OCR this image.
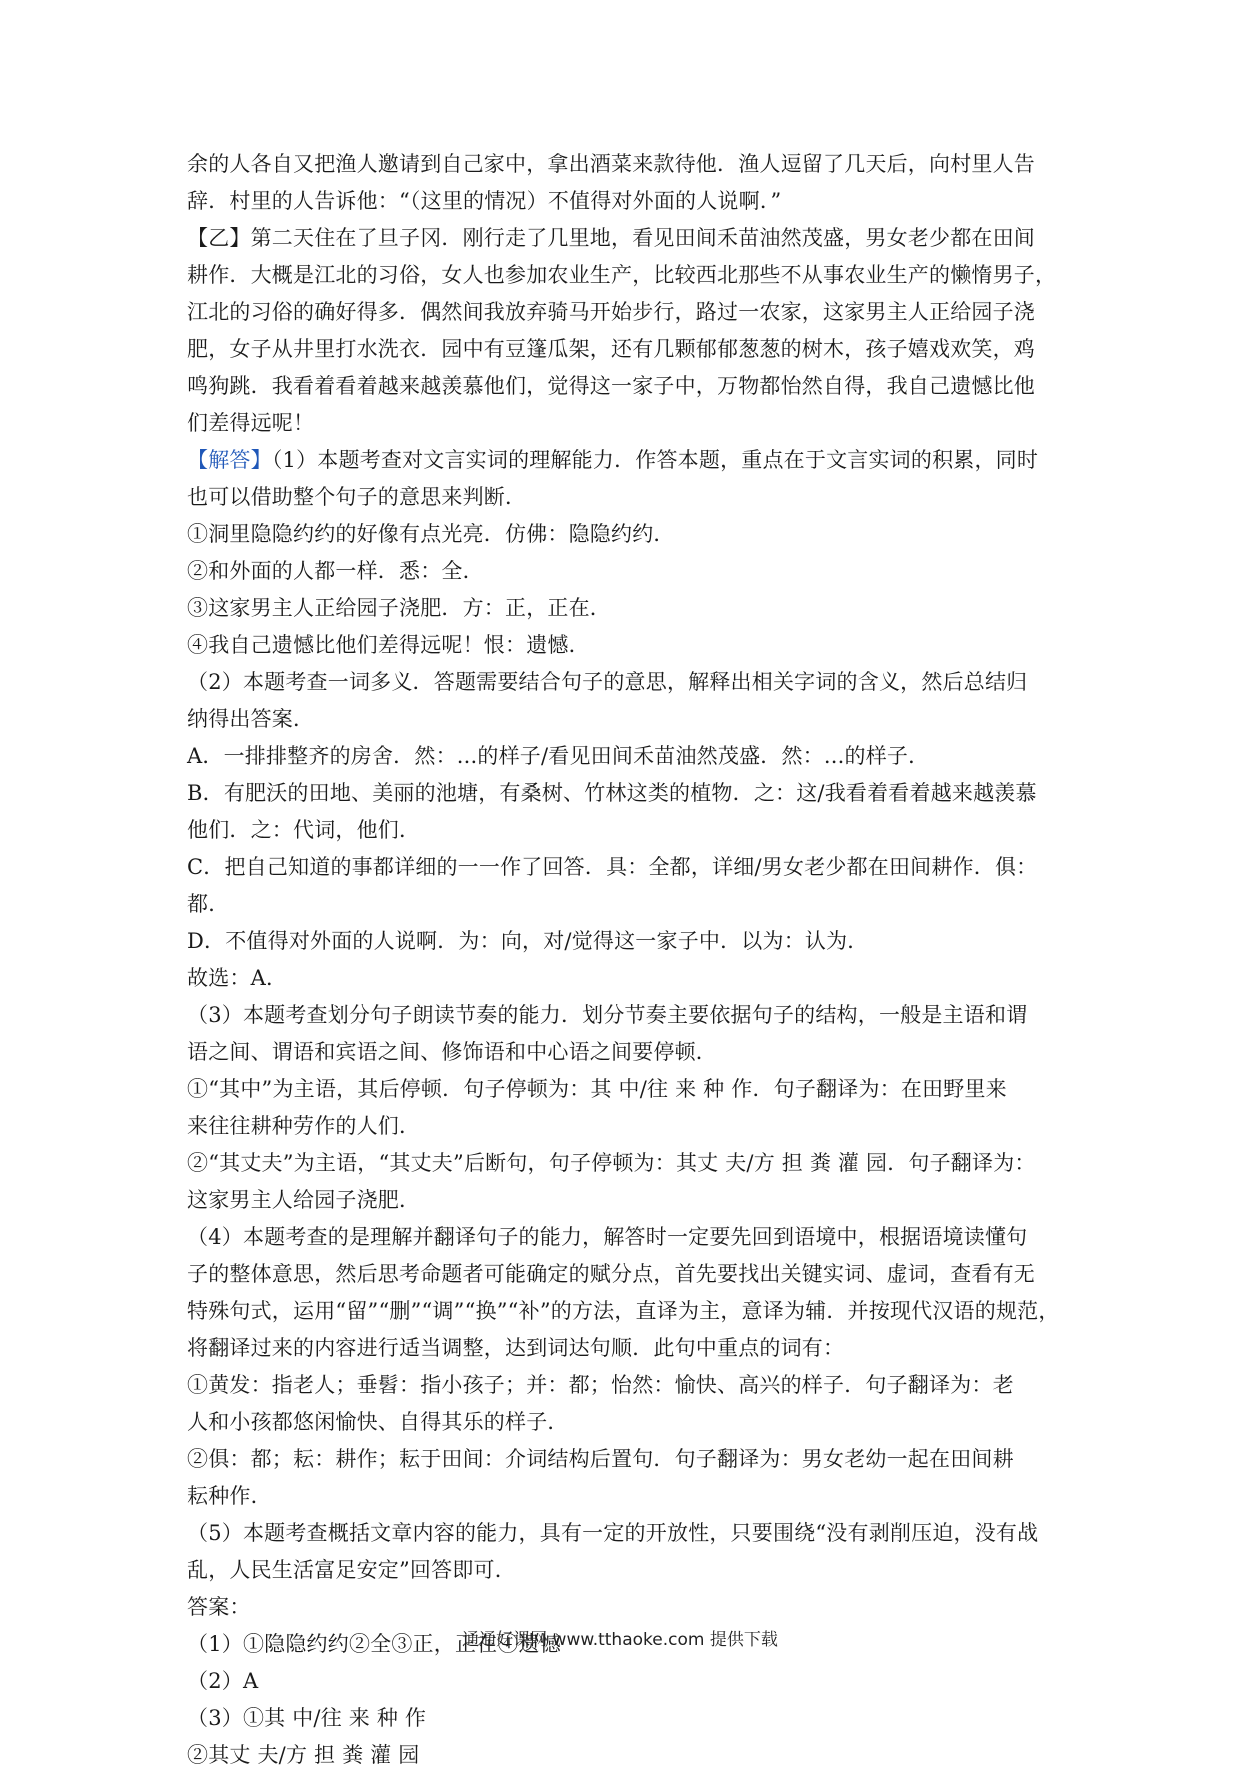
余的人各自又把渔人邀请到自己家中，拿出酒菜来款待他．渔人逗留了几天后，向村里人告
辞．村里的人告诉他：“（这里的情况）不值得对外面的人说啊．”
【乙】第二天住在了旦子冈．刚行走了几里地，看见田间禾苗油然茂盛，男女老少都在田间
耕作．大概是江北的习俗，女人也参加农业生产，比较西北那些不从事农业生产的懒惰男子，
江北的习俗的确好得多．偶然间我放弃骑马开始步行，路过一农家，这家男主人正给园子浇
肥，女子从井里打水洗衣．园中有豆篷瓜架，还有几颗郁郁葱葱的树木，孩子嬉戏欢笑，鸡
鸣狗跳．我看着看着越来越羡慕他们，觉得这一家子中，万物都怡然自得，我自己遗憾比他
们差得远呢！
【解答】（1）本题考查对文言实词的理解能力．作答本题，重点在于文言实词的积累，同时
也可以借助整个句子的意思来判断．
①洞里隐隐约约的好像有点光亮．仿佛：隐隐约约．
②和外面的人都一样．悉：全．
③这家男主人正给园子浇肥．方：正，正在．
④我自己遗憾比他们差得远呢！恨：遗憾．
（2）本题考查一词多义．答题需要结合句子的意思，解释出相关字词的含义，然后总结归
纳得出答案．
A．一排排整齐的房舍．然：...的样子/看见田间禾苗油然茂盛．然：...的样子．
B．有肥沃的田地、美丽的池塘，有桑树、竹林这类的植物．之：这/我看着看着越来越羡慕
他们．之：代词，他们．
C．把自己知道的事都详细的一一作了回答．具：全都，详细/男女老少都在田间耕作．俱：
都．
D．不值得对外面的人说啊．为：向，对/觉得这一家子中．以为：认为．
故选：A．
（3）本题考查划分句子朗读节奏的能力．划分节奏主要依据句子的结构，一般是主语和谓
语之间、谓语和宾语之间、修饰语和中心语之间要停顿．
①“其中”为主语，其后停顿．句子停顿为：其 中/往 来 种 作．句子翻译为：在田野里来
来往往耕种劳作的人们．
②“其丈夫”为主语，“其丈夫”后断句，句子停顿为：其丈 夫/方 担 粪 灌 园．句子翻译为：
这家男主人给园子浇肥．
（4）本题考查的是理解并翻译句子的能力，解答时一定要先回到语境中，根据语境读懂句
子的整体意思，然后思考命题者可能确定的赋分点，首先要找出关键实词、虚词，查看有无
特殊句式，运用“留”“删”“调”“换”“补”的方法，直译为主，意译为辅．并按现代汉语的规范，
将翻译过来的内容进行适当调整，达到词达句顺．此句中重点的词有：
①黄发：指老人；垂髫：指小孩子；并：都；怡然：愉快、高兴的样子．句子翻译为：老
人和小孩都悠闲愉快、自得其乐的样子．
②俱：都；耘：耕作；耘于田间：介词结构后置句．句子翻译为：男女老幼一起在田间耕
耘种作．
（5）本题考查概括文章内容的能力，具有一定的开放性，只要围绕“没有剥削压迫，没有战
乱，人民生活富足安定”回答即可．
答案：
（1）①隐隐约约②全③正，正在④遗憾
（2）A
（3）①其 中/往 来 种 作
②其丈 夫/方 担 粪 灌 园
通通好课网 www.tthaoke.com 提供下载
